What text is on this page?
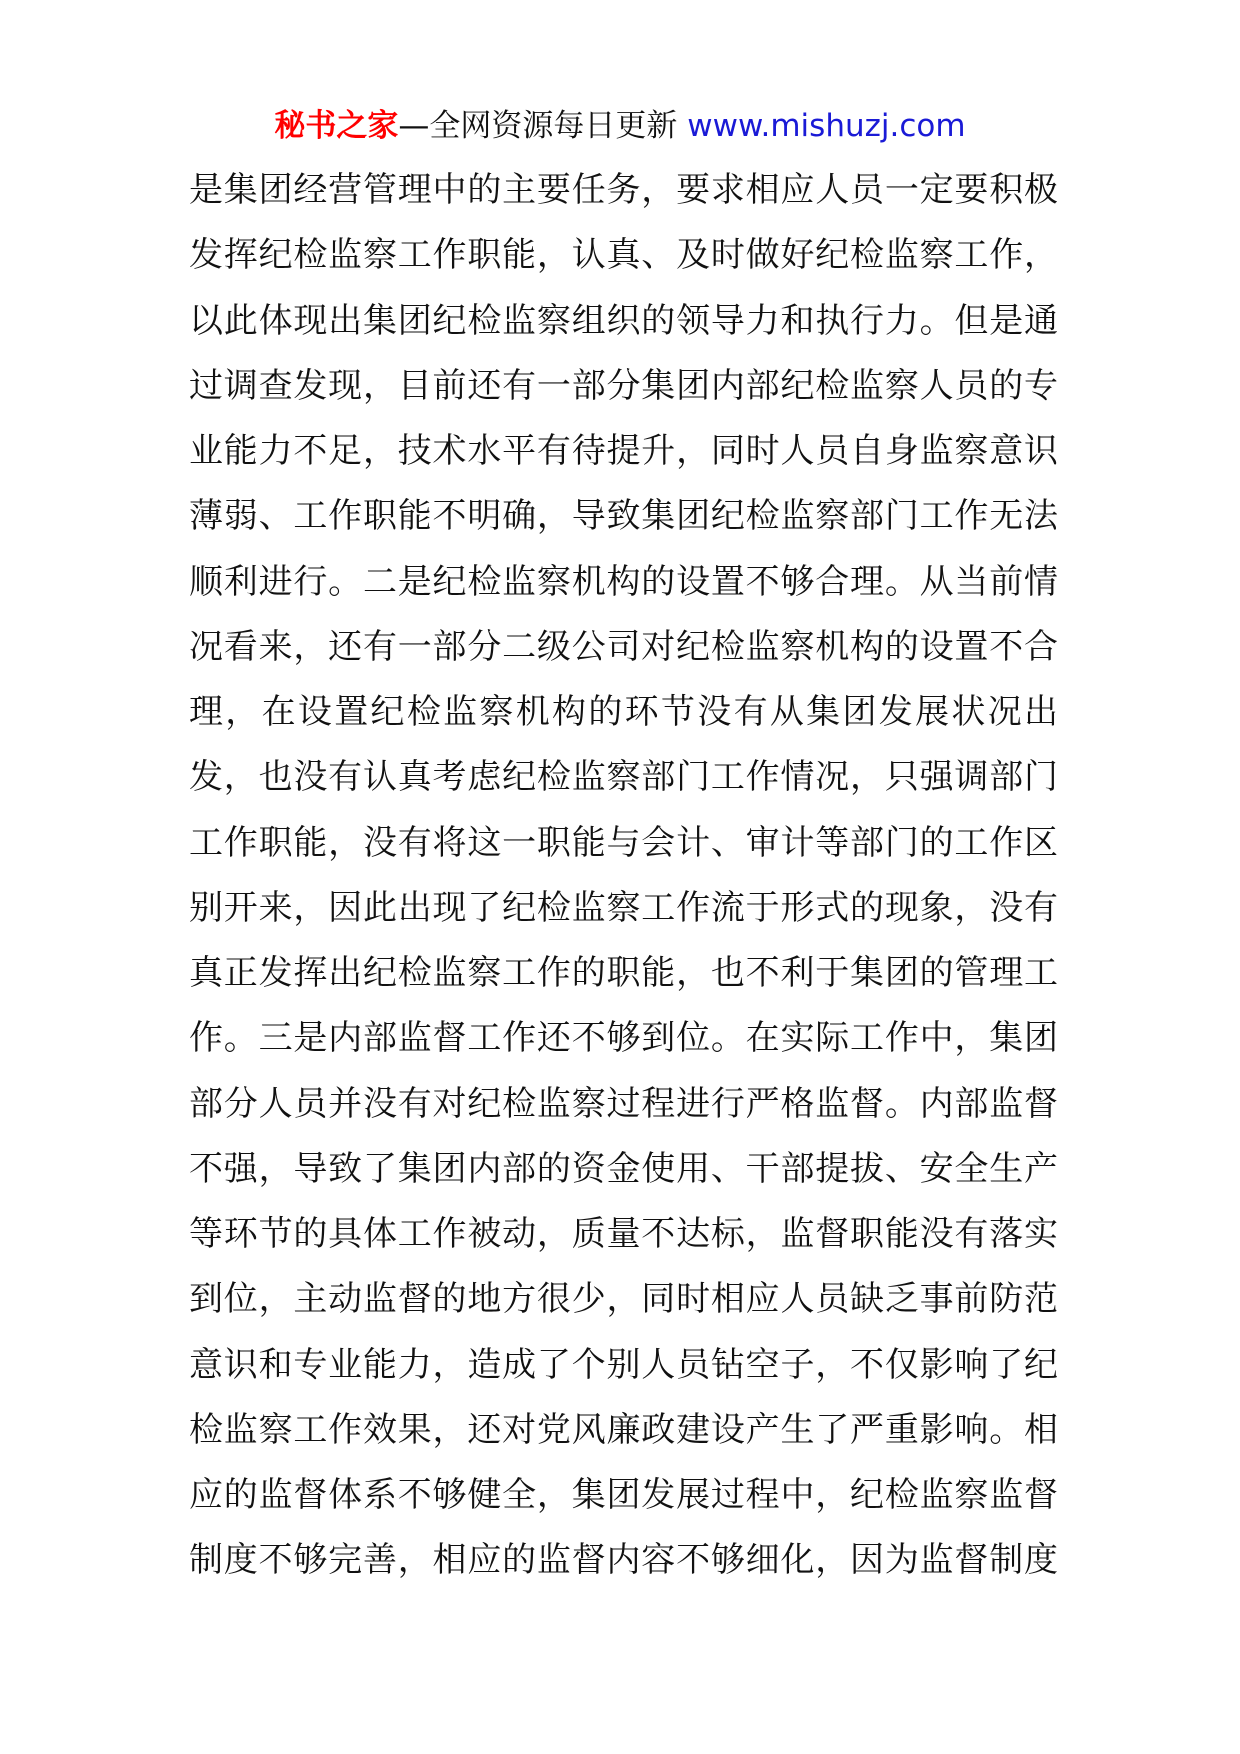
秘书之家—全网资源每日更新 www.mishuzj.com
是集团经营管理中的主要任务，要求相应人员一定要积极
发挥纪检监察工作职能，认真、及时做好纪检监察工作，
以此体现出集团纪检监察组织的领导力和执行力。但是通
过调查发现，目前还有一部分集团内部纪检监察人员的专
业能力不足，技术水平有待提升，同时人员自身监察意识
薄弱、工作职能不明确，导致集团纪检监察部门工作无法
顺利进行。二是纪检监察机构的设置不够合理。从当前情
况看来，还有一部分二级公司对纪检监察机构的设置不合
理，在设置纪检监察机构的环节没有从集团发展状况出
发，也没有认真考虑纪检监察部门工作情况，只强调部门
工作职能，没有将这一职能与会计、审计等部门的工作区
别开来，因此出现了纪检监察工作流于形式的现象，没有
真正发挥出纪检监察工作的职能，也不利于集团的管理工
作。三是内部监督工作还不够到位。在实际工作中，集团
部分人员并没有对纪检监察过程进行严格监督。内部监督
不强，导致了集团内部的资金使用、干部提拔、安全生产
等环节的具体工作被动，质量不达标，监督职能没有落实
到位，主动监督的地方很少，同时相应人员缺乏事前防范
意识和专业能力，造成了个别人员钻空子，不仅影响了纪
检监察工作效果，还对党风廉政建设产生了严重影响。相
应的监督体系不够健全，集团发展过程中，纪检监察监督
制度不够完善，相应的监督内容不够细化，因为监督制度
